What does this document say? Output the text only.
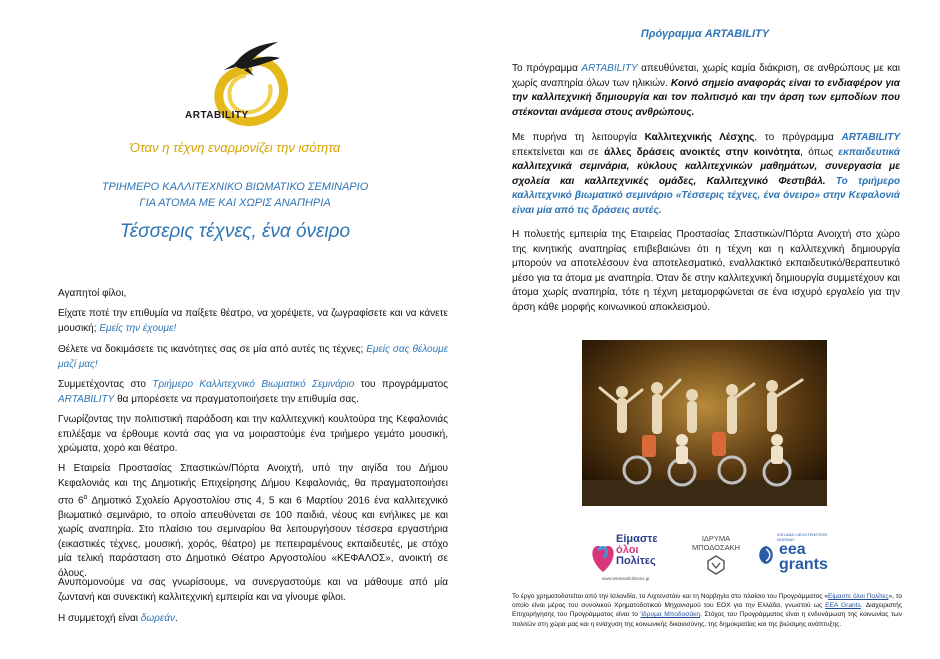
ARTABILITY
Όταν η τέχνη εναρμονίζει την ισότητα
ΤΡΙΗΜΕΡΟ ΚΑΛΛΙΤΕΧΝΙΚΟ ΒΙΩΜΑΤΙΚΟ ΣΕΜΙΝΑΡΙΟ
ΓΙΑ ΑΤΟΜΑ ΜΕ ΚΑΙ ΧΩΡΙΣ ΑΝΑΠΗΡΙΑ
Τέσσερις τέχνες, ένα όνειρο

Αγαπητοί φίλοι,

Είχατε ποτέ την επιθυμία να παίξετε θέατρο, να χορέψετε, να ζωγραφίσετε και να κάνετε μουσική; Εμείς την έχουμε!

Θέλετε να δοκιμάσετε τις ικανότητες σας σε μία από αυτές τις τέχνες; Εμείς σας θέλουμε μαζί μας!

Συμμετέχοντας στο Τριήμερο Καλλιτεχνικό Βιωματικό Σεμινάριο του προγράμματος ARTABILITY θα μπορέσετε να πραγματοποιήσετε την επιθυμία σας.

Γνωρίζοντας την πολιτιστική παράδοση και την καλλιτεχνική κουλτούρα της Κεφαλονιάς επιλέξαμε να έρθουμε κοντά σας για να μοιραστούμε ένα τριήμερο γεμάτο μουσική, χρώματα, χορό και θέατρο.

Η Εταιρεία Προστασίας Σπαστικών/Πόρτα Ανοιχτή, υπό την αιγίδα του Δήμου Κεφαλονιάς και της Δημοτικής Επιχείρησης Δήμου Κεφαλονιάς, θα πραγματοποιήσει στο $6^o$ Δημοτικό Σχολείο Αργοστολίου στις 4, 5 και 6 Μαρτίου 2016 ένα καλλιτεχνικό βιωματικό σεμινάριο, το οποίο απευθύνεται σε 100 παιδιά, νέους και ενήλικες με και χωρίς αναπηρία. Στο πλαίσιο του σεμιναρίου θα λειτουργήσουν τέσσερα εργαστήρια (εικαστικές τέχνες, μουσική, χορός, θέατρο) με πεπειραμένους εκπαιδευτές, με στόχο μία τελική παράσταση στο Δημοτικό Θέατρο Αργοστολίου «ΚΕΦΑΛΟΣ», ανοικτή σε όλους.

Ανυπομονούμε να σας γνωρίσουμε, να συνεργαστούμε και να μάθουμε από μία ζωντανή και συνεκτική καλλιτεχνική εμπειρία και να γίνουμε φίλοι.

Η συμμετοχή είναι δωρεάν.

Πρόγραμμα ARTABILITY

Το πρόγραμμα ARTABILITY απευθύνεται, χωρίς καμία διάκριση, σε ανθρώπους με και χωρίς αναπηρία όλων των ηλικιών. Κοινό σημείο αναφοράς είναι το ενδιαφέρον για την καλλιτεχνική δημιουργία και τον πολιτισμό και την άρση των εμποδίων που στέκονται ανάμεσα στους ανθρώπους.

Με πυρήνα τη λειτουργία Καλλιτεχνικής Λέσχης, το πρόγραμμα ARTABILITY επεκτείνεται και σε άλλες δράσεις ανοικτές στην κοινότητα, όπως εκπαιδευτικά καλλιτεχνικά σεμινάρια, κύκλους καλλιτεχνικών μαθημάτων, συνεργασία με σχολεία και καλλιτεχνικές ομάδες, Καλλιτεχνικό Φεστιβάλ. Το τριήμερο καλλιτεχνικό βιωματικό σεμινάριο «Τέσσερις τέχνες, ένα όνειρο» στην Κεφαλονιά είναι μία από τις δράσεις αυτές.

Η πολυετής εμπειρία της Εταιρείας Προστασίας Σπαστικών/Πόρτα Ανοιχτή στο χώρο της κινητικής αναπηρίας επιβεβαιώνει ότι η τέχνη και η καλλιτεχνική δημιουργία μπορούν να αποτελέσουν ένα αποτελεσματικό, εναλλακτικό εκπαιδευτικό/θεραπευτικό μέσο για τα άτομα με αναπηρία. Όταν δε στην καλλιτεχνική δημιουργία συμμετέχουν και άτομα χωρίς αναπηρία, τότε η τέχνη μεταμορφώνεται σε ένα ισχυρό εργαλείο για την άρση κάθε μορφής κοινωνικού αποκλεισμού.

Είμαστε
όλοι
Πολίτες
www.weareallcitizens.gr
ΙΔΡΥΜΑ
ΜΠΟΔΟΣΑΚΗ
ICELAND LIECHTENSTEIN NORWAY
eea
grants

Το έργο χρηματοδοτείται από την Ισλανδία, τo Λιχτενστάιν και τη Νορβηγία στο πλαίσιο του Προγράμματος «Είμαστε όλοι Πολίτες», το οποίο είναι μέρος του συνολικού Χρηματοδοτικού Μηχανισμού του ΕΟΧ για την Ελλάδα, γνωστού ως EEA Grants. Διαχειριστής Επιχορήγησης του Προγράμματος είναι το Ίδρυμα Μποδοσάκη. Στόχος του Προγράμματος είναι η ενδυνάμωση της κοινωνίας των πολιτών στη χώρα μας και η ενίσχυση της κοινωνικής δικαιοσύνης, της δημοκρατίας και της βιώσιμης ανάπτυξης.
